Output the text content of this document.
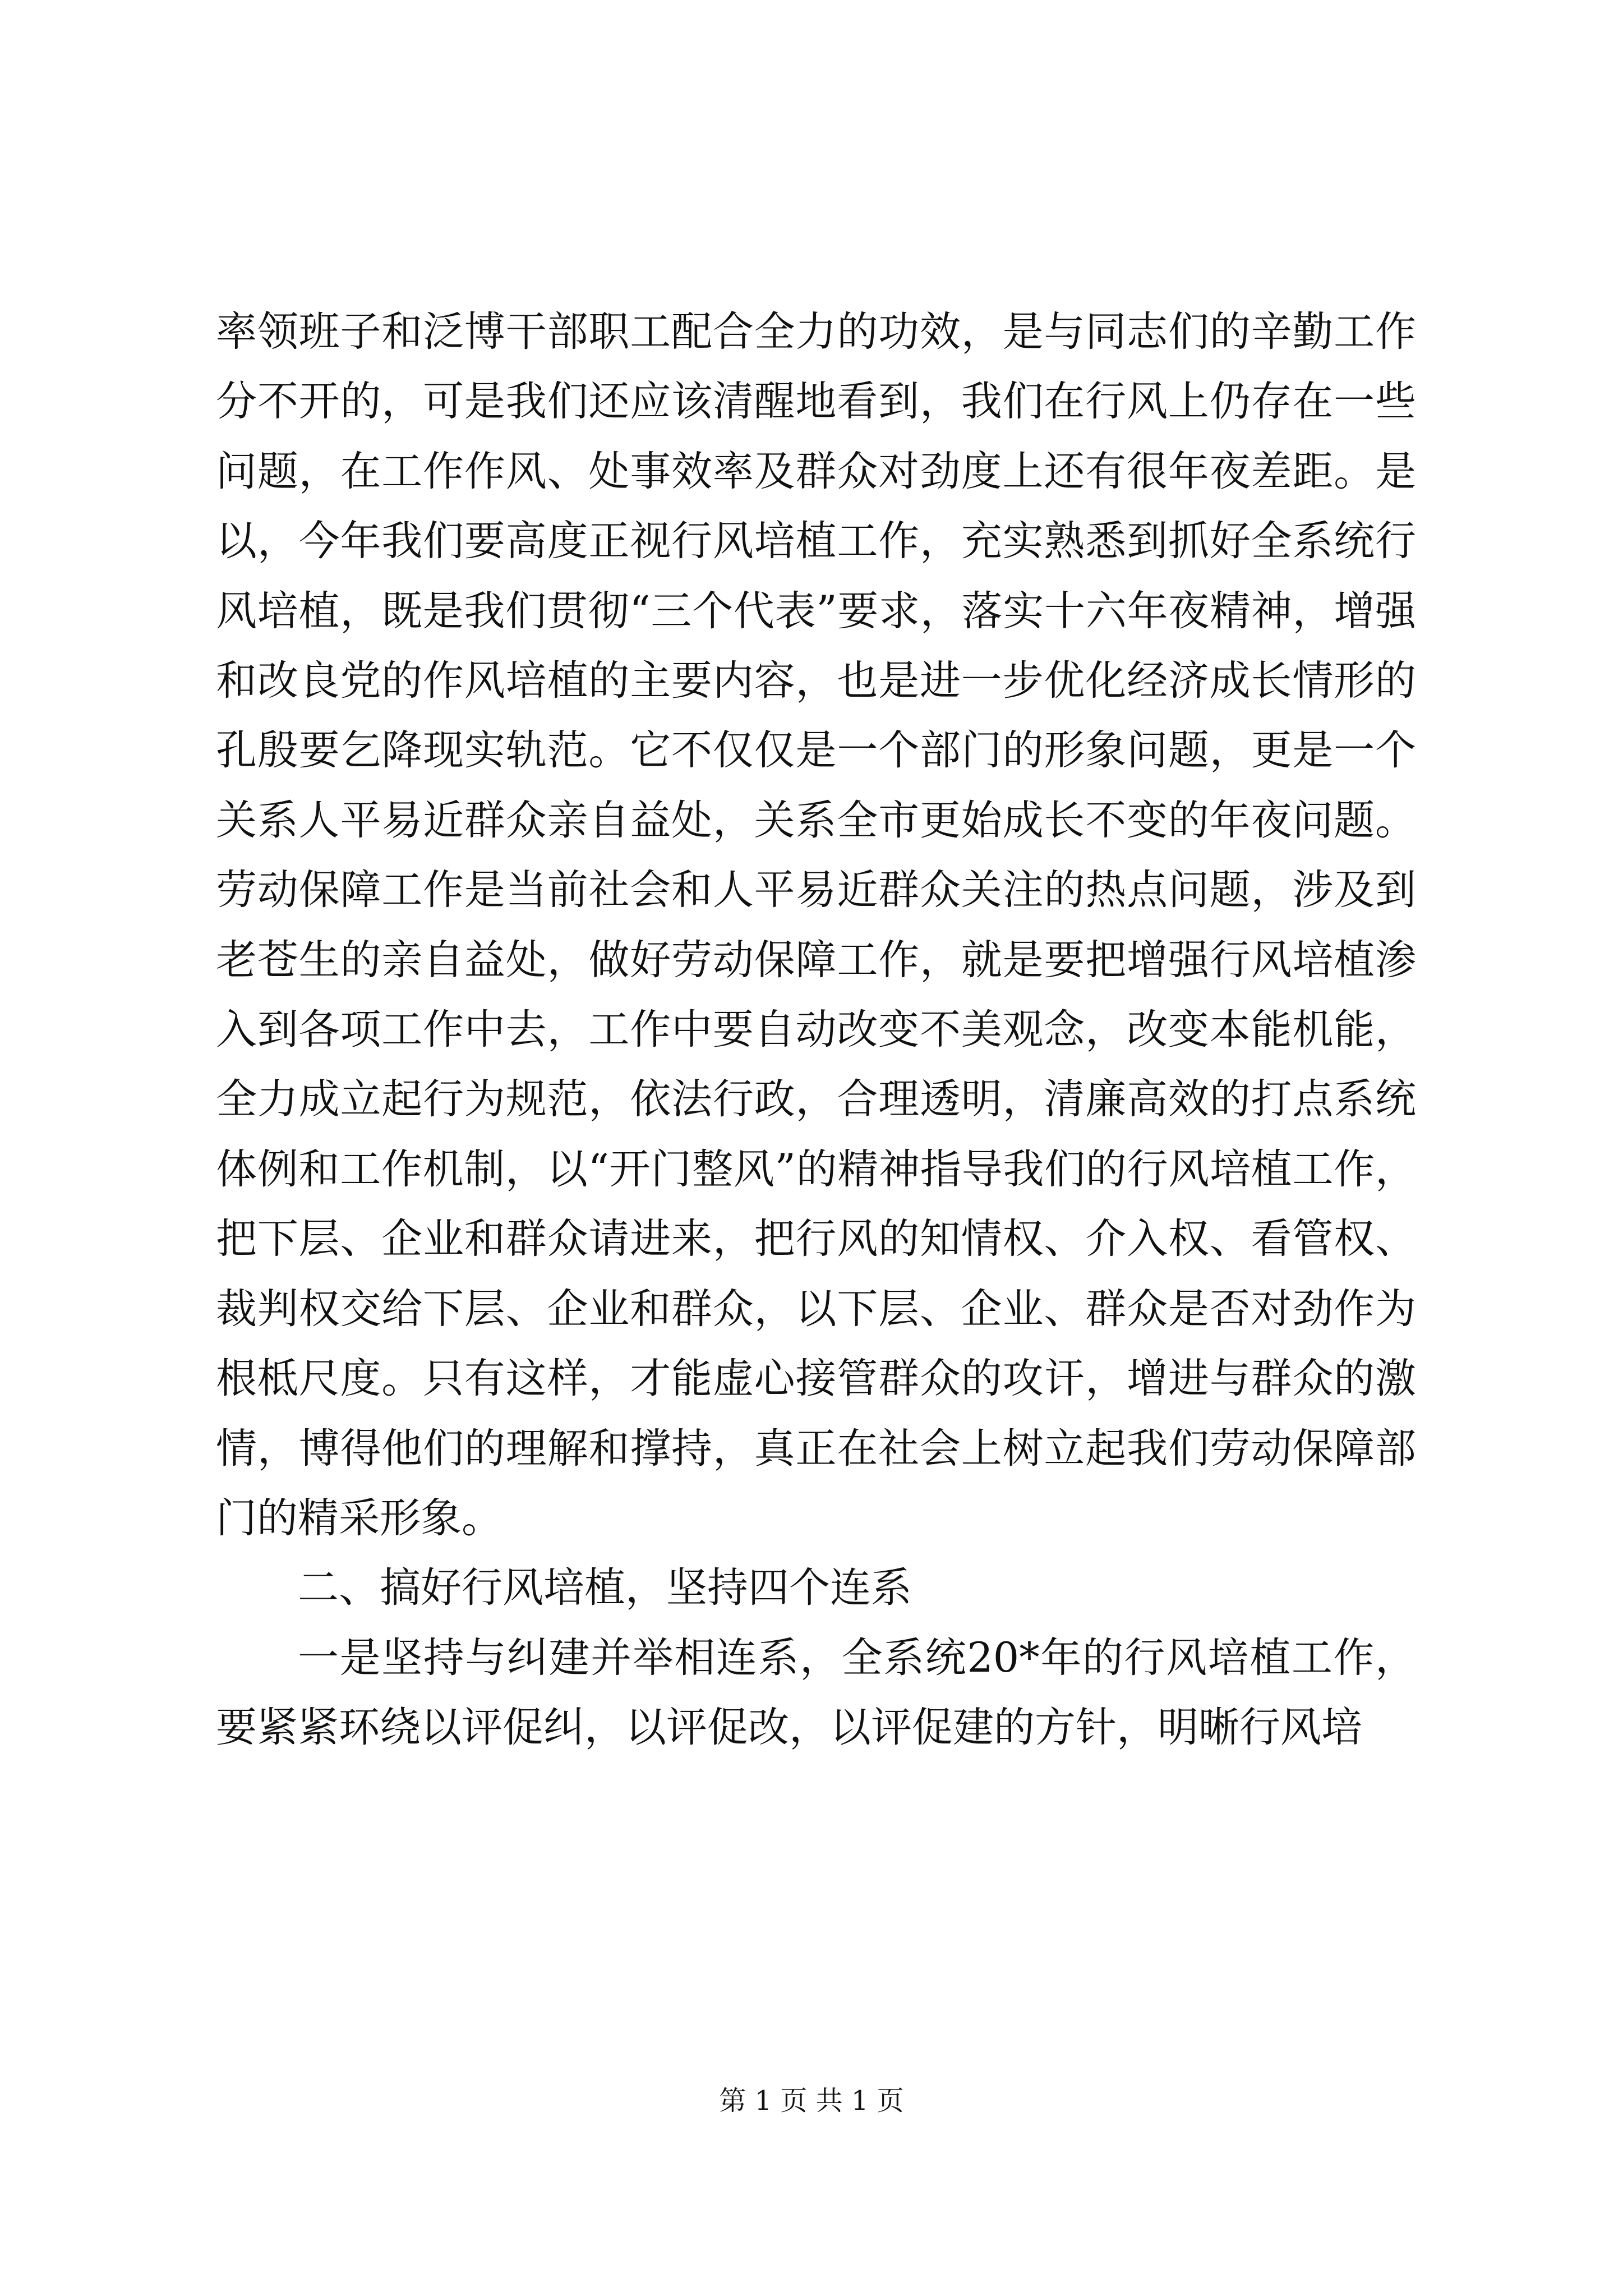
率领班子和泛博干部职工配合全力的功效，是与同志们的辛勤工作分不开的，可是我们还应该清醒地看到，我们在行风上仍存在一些问题，在工作作风、处事效率及群众对劲度上还有很年夜差距。是以，今年我们要高度正视行风培植工作，充实熟悉到抓好全系统行风培植，既是我们贯彻“三个代表”要求，落实十六年夜精神，增强和改良党的作风培植的主要内容，也是进一步优化经济成长情形的孔殷要乞降现实轨范。它不仅仅是一个部门的形象问题，更是一个关系人平易近群众亲自益处，关系全市更始成长不变的年夜问题。劳动保障工作是当前社会和人平易近群众关注的热点问题，涉及到老苍生的亲自益处，做好劳动保障工作，就是要把增强行风培植渗入到各项工作中去，工作中要自动改变不美观念，改变本能机能，全力成立起行为规范，依法行政，合理透明，清廉高效的打点系统体例和工作机制，以“开门整风”的精神指导我们的行风培植工作，把下层、企业和群众请进来，把行风的知情权、介入权、看管权、裁判权交给下层、企业和群众，以下层、企业、群众是否对劲作为根柢尺度。只有这样，才能虚心接管群众的攻讦，增进与群众的激情，博得他们的理解和撑持，真正在社会上树立起我们劳动保障部门的精采形象。

二、搞好行风培植，坚持四个连系

一是坚持与纠建并举相连系，全系统20*年的行风培植工作，要紧紧环绕以评促纠，以评促改，以评促建的方针，明晰行风培

第 1 页 共 1 页
